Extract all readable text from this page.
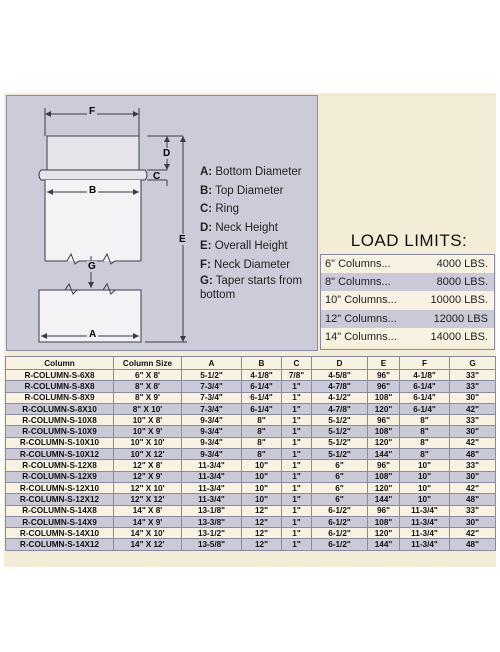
F
D
C
B
E
G
A
A: Bottom Diameter
B: Top Diameter
C: Ring
D: Neck Height
E: Overall Height
F: Neck Diameter
G: Taper starts from
bottom
LOAD LIMITS:
6" Columns...	4000 LBS.
8" Columns...	8000 LBS.
10" Columns...	10000 LBS.
12" Columns...	12000 LBS
14" Columns...	14000 LBS.
Column	Column Size	A	B	C	D	E	F	G
R-COLUMN-S-6X8	6" X 8'	5-1/2"	4-1/8"	7/8"	4-5/8"	96"	4-1/8"	33"
R-COLUMN-S-8X8	8" X 8'	7-3/4"	6-1/4"	1"	4-7/8"	96"	6-1/4"	33"
R-COLUMN-S-8X9	8" X 9'	7-3/4"	6-1/4"	1"	4-1/2"	108"	6-1/4"	30"
R-COLUMN-S-8X10	8" X 10'	7-3/4"	6-1/4"	1"	4-7/8"	120"	6-1/4"	42"
R-COLUMN-S-10X8	10" X 8'	9-3/4"	8"	1"	5-1/2"	96"	8"	33"
R-COLUMN-S-10X9	10" X 9'	9-3/4"	8"	1"	5-1/2"	108"	8"	30"
R-COLUMN-S-10X10	10" X 10'	9-3/4"	8"	1"	5-1/2"	120"	8"	42"
R-COLUMN-S-10X12	10" X 12'	9-3/4"	8"	1"	5-1/2"	144"	8"	48"
R-COLUMN-S-12X8	12" X 8'	11-3/4"	10"	1"	6"	96"	10"	33"
R-COLUMN-S-12X9	12" X 9'	11-3/4"	10"	1"	6"	108"	10"	30"
R-COLUMN-S-12X10	12" X 10'	11-3/4"	10"	1"	6"	120"	10"	42"
R-COLUMN-S-12X12	12" X 12'	11-3/4"	10"	1"	6"	144"	10"	48"
R-COLUMN-S-14X8	14" X 8'	13-1/8"	12"	1"	6-1/2"	96"	11-3/4"	33"
R-COLUMN-S-14X9	14" X 9'	13-3/8"	12"	1"	6-1/2"	108"	11-3/4"	30"
R-COLUMN-S-14X10	14" X 10'	13-1/2"	12"	1"	6-1/2"	120"	11-3/4"	42"
R-COLUMN-S-14X12	14" X 12'	13-5/8"	12"	1"	6-1/2"	144"	11-3/4"	48"
